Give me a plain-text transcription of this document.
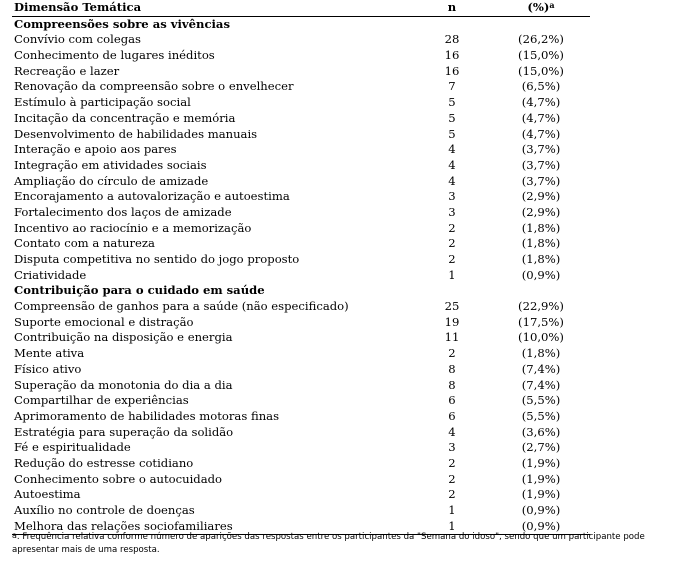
Dimensão Temática	n	(%)$^a$
Compreensões sobre as vivências
Convívio com colegas	28	(26,2%)
Conhecimento de lugares inéditos	16	(15,0%)
Recreação e lazer	16	(15,0%)
Renovação da compreensão sobre o envelhecer	7	(6,5%)
Estímulo à participação social	5	(4,7%)
Incitação da concentração e memória	5	(4,7%)
Desenvolvimento de habilidades manuais	5	(4,7%)
Interação e apoio aos pares	4	(3,7%)
Integração em atividades sociais	4	(3,7%)
Ampliação do círculo de amizade	4	(3,7%)
Encorajamento a autovalorização e autoestima	3	(2,9%)
Fortalecimento dos laços de amizade	3	(2,9%)
Incentivo ao raciocínio e a memorização	2	(1,8%)
Contato com a natureza	2	(1,8%)
Disputa competitiva no sentido do jogo proposto	2	(1,8%)
Criatividade	1	(0,9%)
Contribuição para o cuidado em saúde
Compreensão de ganhos para a saúde (não especificado)	25	(22,9%)
Suporte emocional e distração	19	(17,5%)
Contribuição na disposição e energia	11	(10,0%)
Mente ativa	2	(1,8%)
Físico ativo	8	(7,4%)
Superação da monotonia do dia a dia	8	(7,4%)
Compartilhar de experiências	6	(5,5%)
Aprimoramento de habilidades motoras finas	6	(5,5%)
Estratégia para superação da solidão	4	(3,6%)
Fé e espiritualidade	3	(2,7%)
Redução do estresse cotidiano	2	(1,9%)
Conhecimento sobre o autocuidado	2	(1,9%)
Autoestima	2	(1,9%)
Auxílio no controle de doenças	1	(0,9%)
Melhora das relações sociofamiliares	1	(0,9%)
a. Frequência relativa conforme número de aparições das respostas entre os participantes da "Semana do idoso", sendo que um participante pode apresentar mais de uma resposta.
